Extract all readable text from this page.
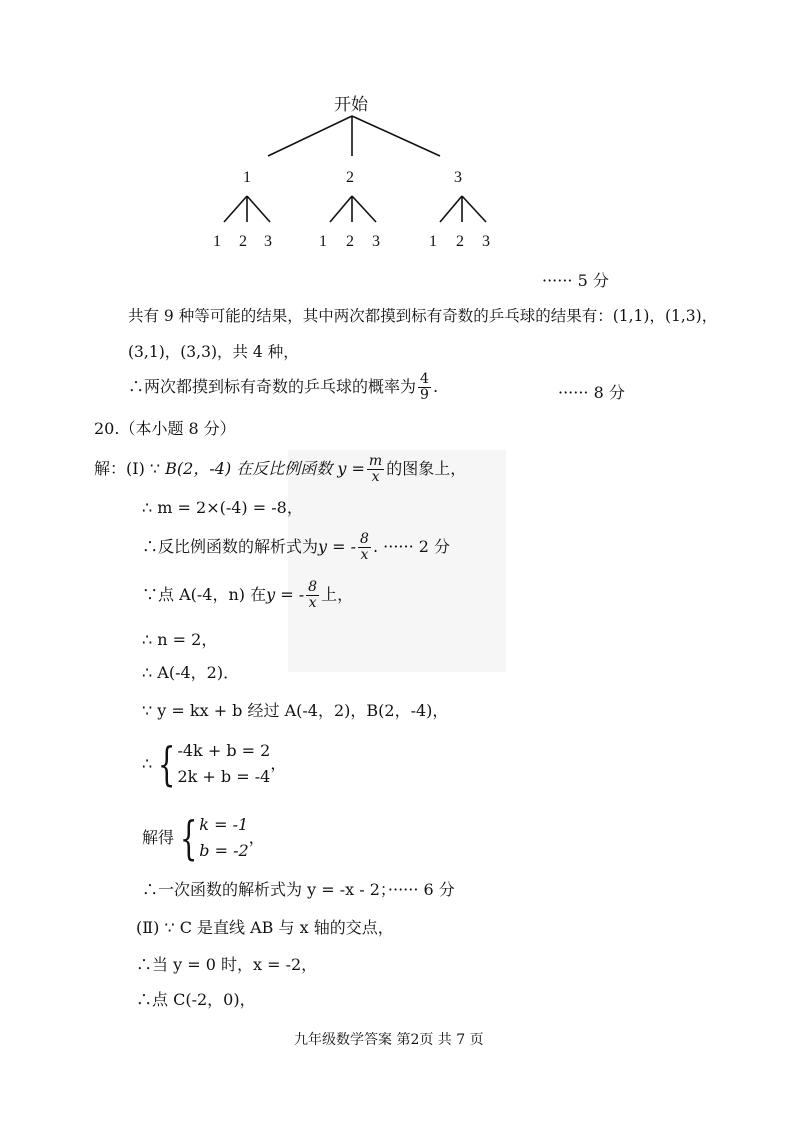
开始
1	2	3
1 2 3	1 2 3	1 2 3
······ 5 分
共有 9 种等可能的结果，其中两次都摸到标有奇数的乒乓球的结果有：(1,1)，(1,3)，
(3,1)，(3,3)，共 4 种，
∴两次都摸到标有奇数的乒乓球的概率为 $\frac{4}{9}$ .	······ 8 分
20.（本小题 8 分）
解：(Ⅰ) ∵ B(2，-4) 在反比例函数 $y = \frac{m}{x}$ 的图象上，
∴ m = 2×(-4) = -8，
∴反比例函数的解析式为y = - $\frac{8}{x}$ . ······ 2 分
∵点 A(-4，n) 在y = - $\frac{8}{x}$ 上，
∴ n = 2，
∴ A(-4，2)．
∵ y = kx + b 经过 A(-4，2)，B(2，-4)，
∴ { -4k + b = 2
2k + b = -4
，
解得 { k = -1
b = -2
，
∴一次函数的解析式为 y = -x - 2；······ 6 分
(Ⅱ) ∵ C 是直线 AB 与 x 轴的交点，
∴当 y = 0 时，x = -2，
∴点 C(-2，0)，
九年级数学答案 第2页 共 7 页
